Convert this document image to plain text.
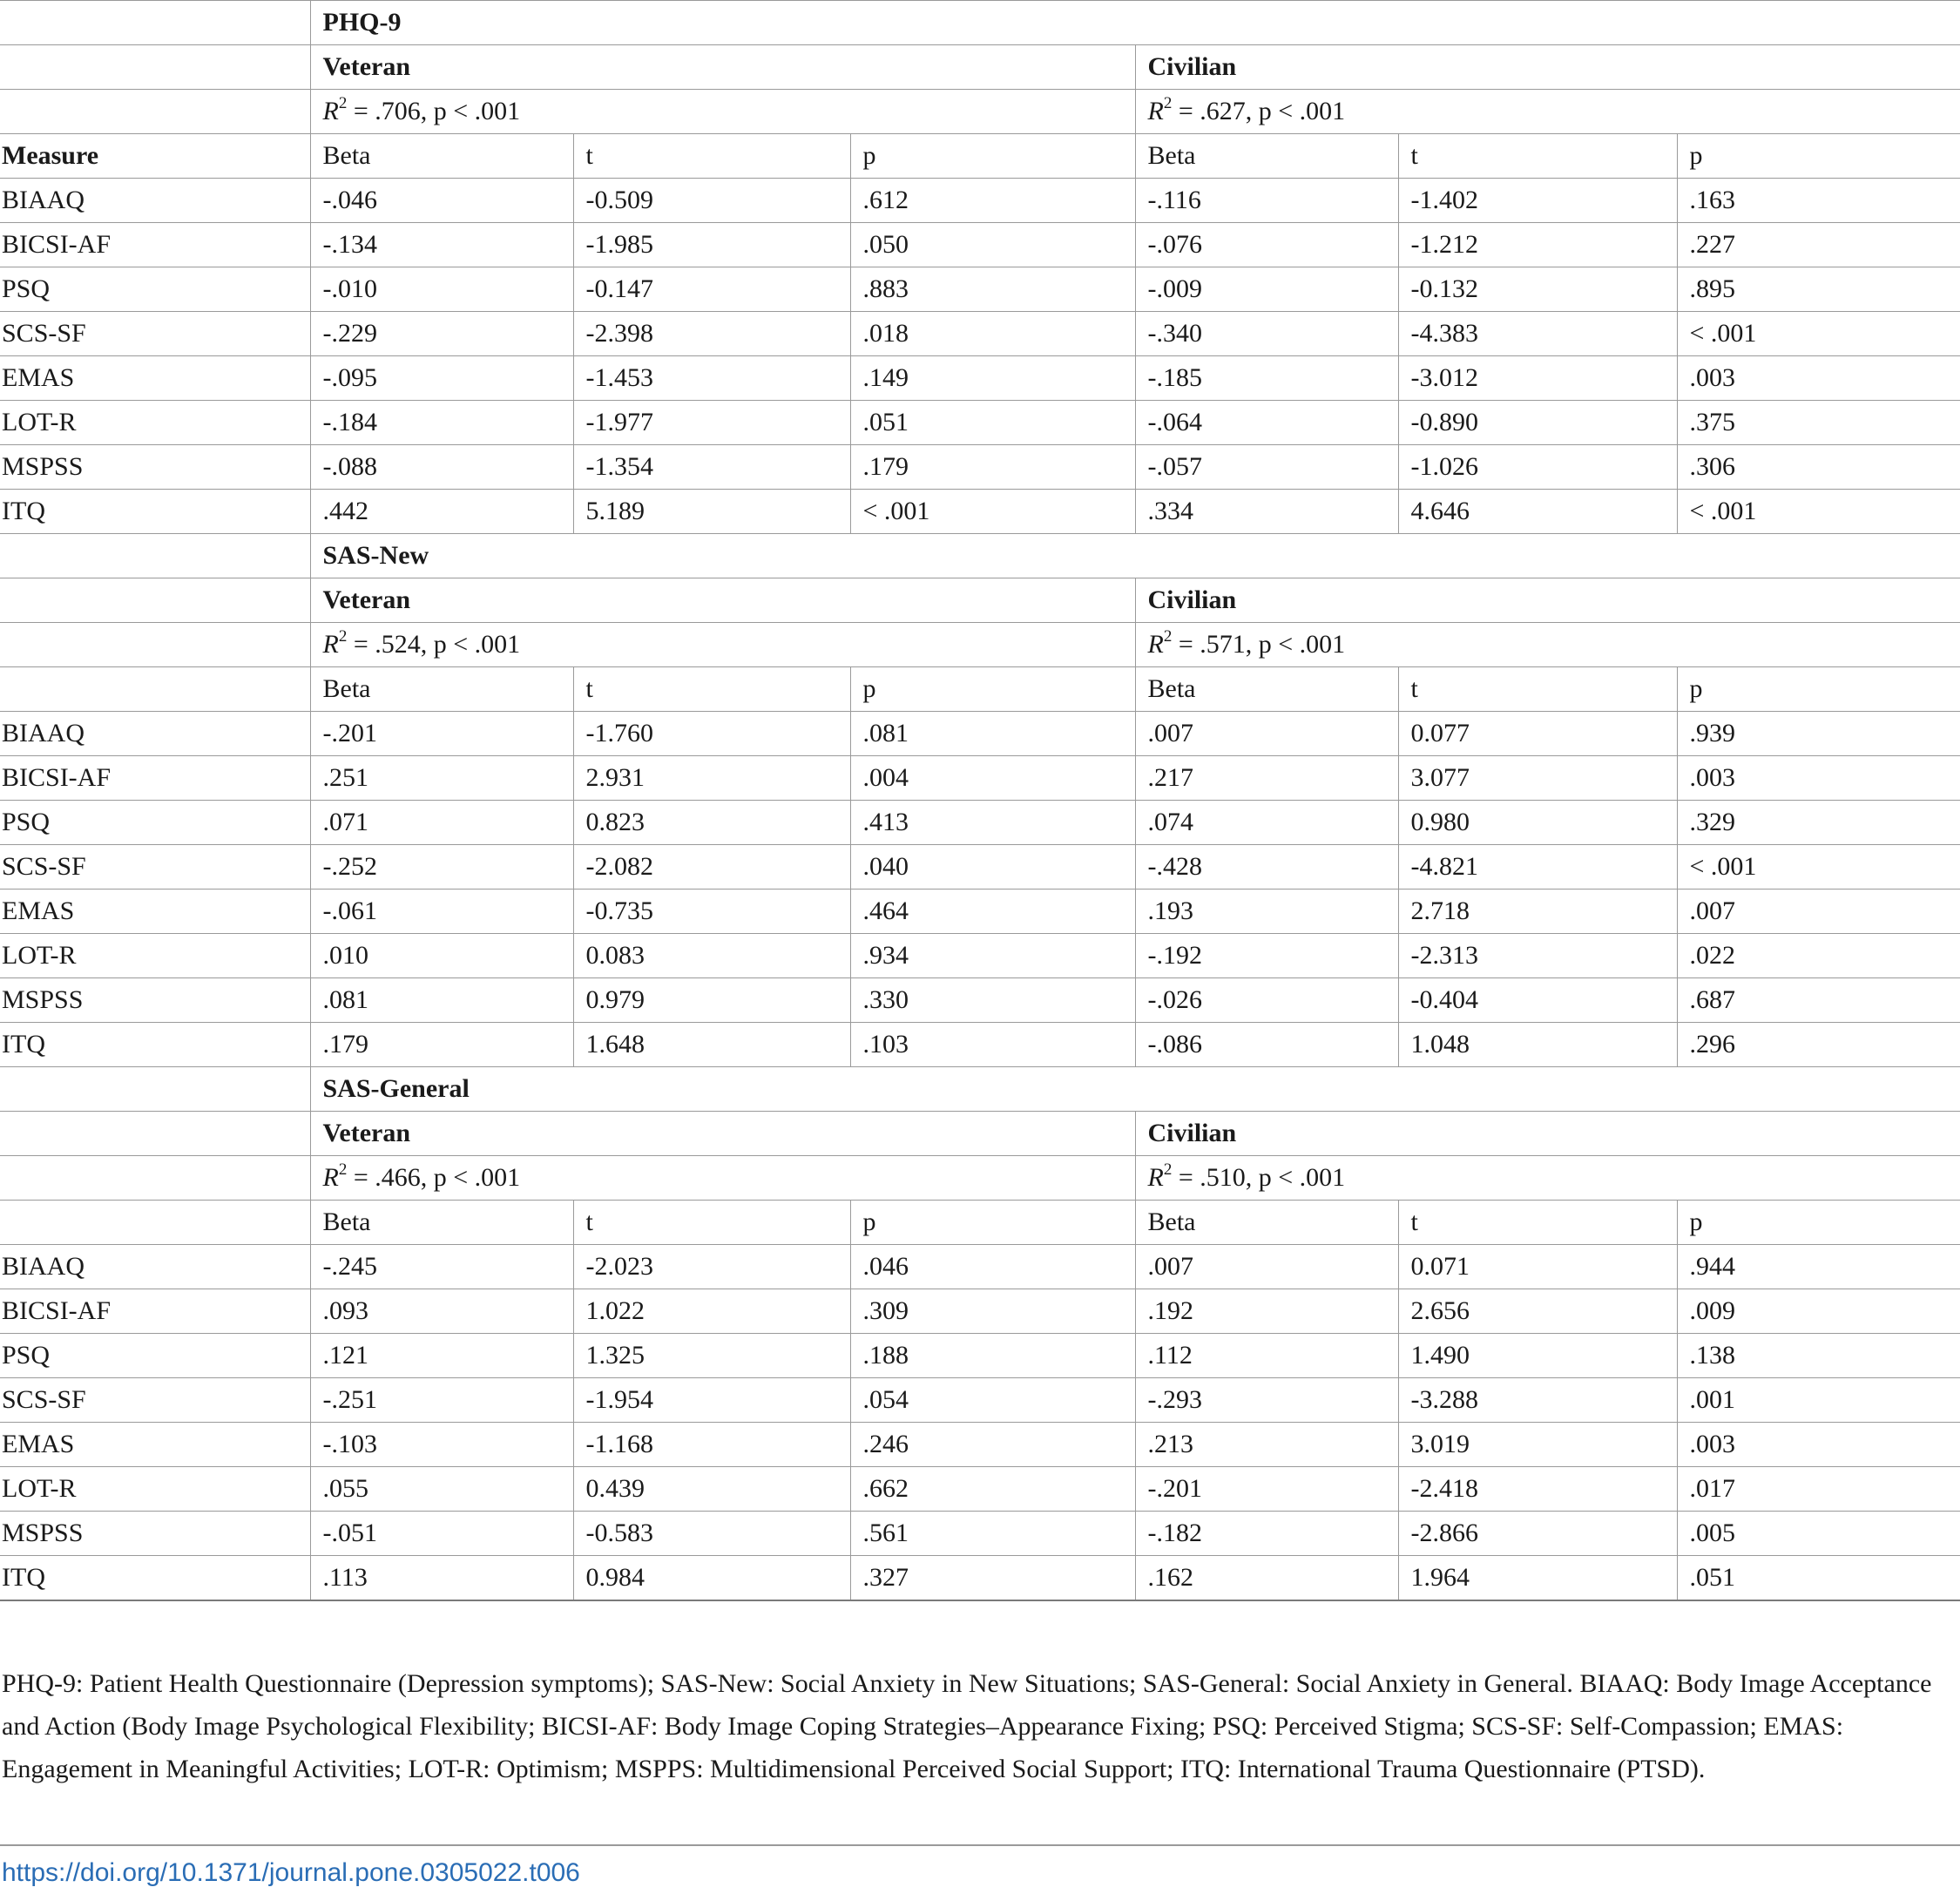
	PHQ-9					
	Veteran			Civilian		
	$R^2 = .706$, p < .001			$R^2 = .627$, p < .001		
Measure	Beta	t	p	Beta	t	p
BIAAQ	-.046	-0.509	.612	-.116	-1.402	.163
BICSI-AF	-.134	-1.985	.050	-.076	-1.212	.227
PSQ	-.010	-0.147	.883	-.009	-0.132	.895
SCS-SF	-.229	-2.398	.018	-.340	-4.383	< .001
EMAS	-.095	-1.453	.149	-.185	-3.012	.003
LOT-R	-.184	-1.977	.051	-.064	-0.890	.375
MSPSS	-.088	-1.354	.179	-.057	-1.026	.306
ITQ	.442	5.189	< .001	.334	4.646	< .001
	SAS-New					
	Veteran			Civilian		
	$R^2 = .524$, p < .001			$R^2 = .571$, p < .001		
	Beta	t	p	Beta	t	p
BIAAQ	-.201	-1.760	.081	.007	0.077	.939
BICSI-AF	.251	2.931	.004	.217	3.077	.003
PSQ	.071	0.823	.413	.074	0.980	.329
SCS-SF	-.252	-2.082	.040	-.428	-4.821	< .001
EMAS	-.061	-0.735	.464	.193	2.718	.007
LOT-R	.010	0.083	.934	-.192	-2.313	.022
MSPSS	.081	0.979	.330	-.026	-0.404	.687
ITQ	.179	1.648	.103	-.086	1.048	.296
	SAS-General					
	Veteran			Civilian		
	$R^2 = .466$, p < .001			$R^2 = .510$, p < .001		
	Beta	t	p	Beta	t	p
BIAAQ	-.245	-2.023	.046	.007	0.071	.944
BICSI-AF	.093	1.022	.309	.192	2.656	.009
PSQ	.121	1.325	.188	.112	1.490	.138
SCS-SF	-.251	-1.954	.054	-.293	-3.288	.001
EMAS	-.103	-1.168	.246	.213	3.019	.003
LOT-R	.055	0.439	.662	-.201	-2.418	.017
MSPSS	-.051	-0.583	.561	-.182	-2.866	.005
ITQ	.113	0.984	.327	.162	1.964	.051
PHQ-9: Patient Health Questionnaire (Depression symptoms); SAS-New: Social Anxiety in New Situations; SAS-General: Social Anxiety in General. BIAAQ: Body Image Acceptance and Action (Body Image Psychological Flexibility; BICSI-AF: Body Image Coping Strategies–Appearance Fixing; PSQ: Perceived Stigma; SCS-SF: Self-Compassion; EMAS: Engagement in Meaningful Activities; LOT-R: Optimism; MSPPS: Multidimensional Perceived Social Support; ITQ: International Trauma Questionnaire (PTSD).
https://doi.org/10.1371/journal.pone.0305022.t006
